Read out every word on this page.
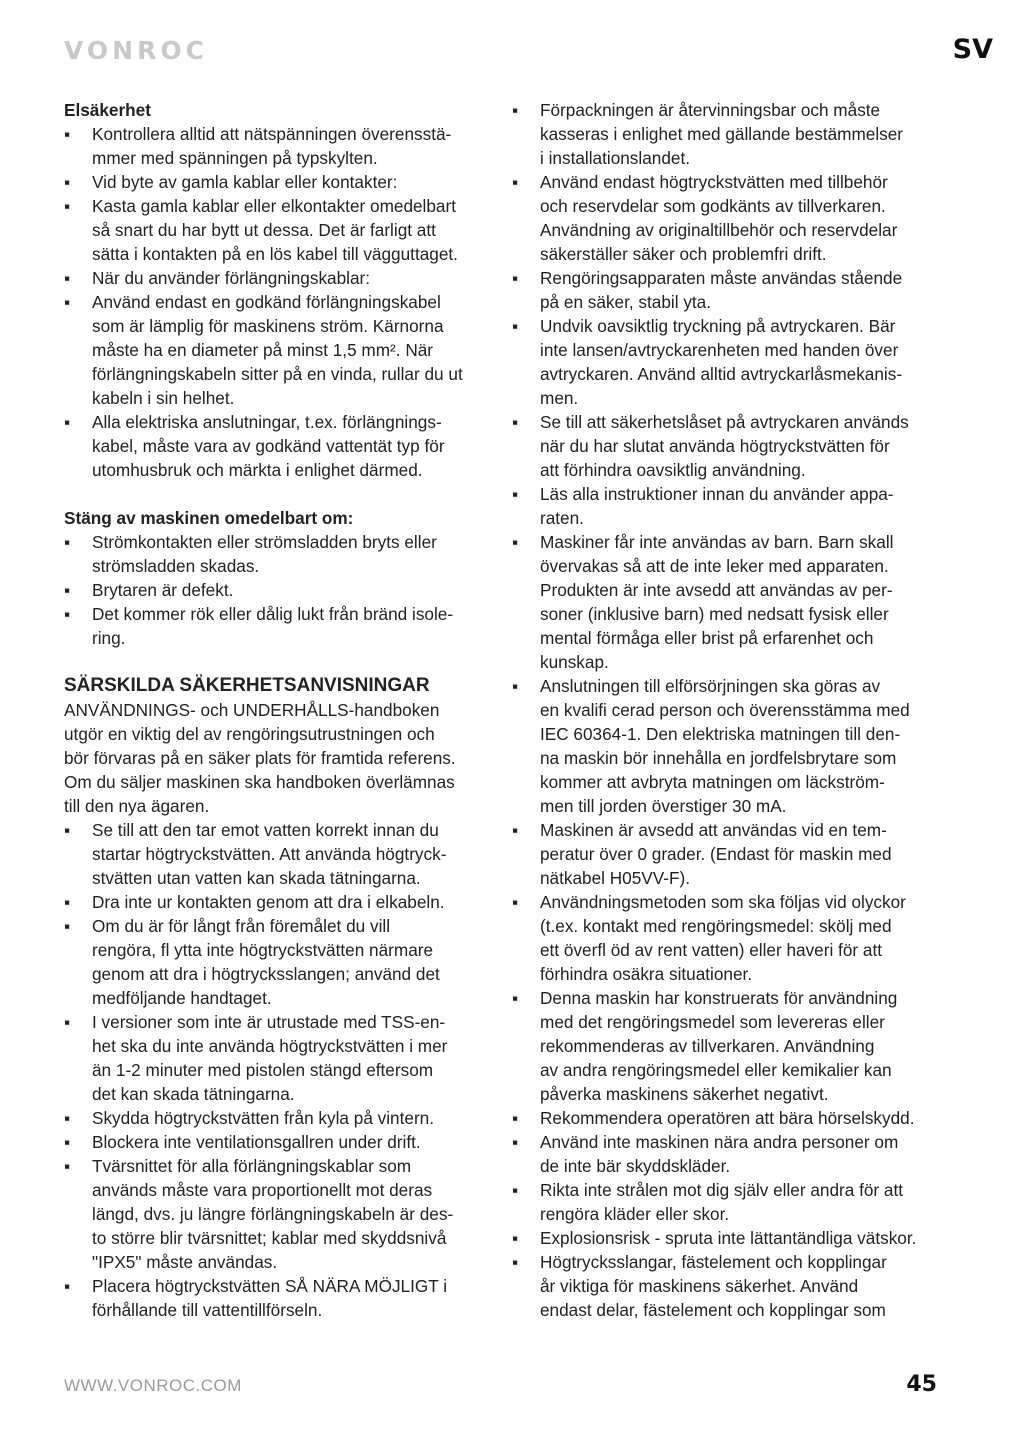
VONROC	SV
Elsäkerhet
▪ Kontrollera alltid att nätspänningen överensstä-
mmer med spänningen på typskylten.
▪ Vid byte av gamla kablar eller kontakter:
▪ Kasta gamla kablar eller elkontakter omedelbart
så snart du har bytt ut dessa. Det är farligt att
sätta i kontakten på en lös kabel till vägguttaget.
▪ När du använder förlängningskablar:
▪ Använd endast en godkänd förlängningskabel
som är lämplig för maskinens ström. Kärnorna
måste ha en diameter på minst 1,5 mm². När
förlängningskabeln sitter på en vinda, rullar du ut
kabeln i sin helhet.
▪ Alla elektriska anslutningar, t.ex. förlängnings-
kabel, måste vara av godkänd vattentät typ för
utomhusbruk och märkta i enlighet därmed.
Stäng av maskinen omedelbart om:
▪ Strömkontakten eller strömsladden bryts eller
strömsladden skadas.
▪ Brytaren är defekt.
▪ Det kommer rök eller dålig lukt från bränd isole-
ring.
SÄRSKILDA SÄKERHETSANVISNINGAR
ANVÄNDNINGS- och UNDERHÅLLS-handboken
utgör en viktig del av rengöringsutrustningen och
bör förvaras på en säker plats för framtida referens.
Om du säljer maskinen ska handboken överlämnas
till den nya ägaren.
▪ Se till att den tar emot vatten korrekt innan du
startar högtryckstvätten. Att använda högtryck-
stvätten utan vatten kan skada tätningarna.
▪ Dra inte ur kontakten genom att dra i elkabeln.
▪ Om du är för långt från föremålet du vill
rengöra, fl ytta inte högtryckstvätten närmare
genom att dra i högtrycksslangen; använd det
medföljande handtaget.
▪ I versioner som inte är utrustade med TSS-en-
het ska du inte använda högtryckstvätten i mer
än 1-2 minuter med pistolen stängd eftersom
det kan skada tätningarna.
▪ Skydda högtryckstvätten från kyla på vintern.
▪ Blockera inte ventilationsgallren under drift.
▪ Tvärsnittet för alla förlängningskablar som
används måste vara proportionellt mot deras
längd, dvs. ju längre förlängningskabeln är des-
to större blir tvärsnittet; kablar med skyddsnivå
"IPX5" måste användas.
▪ Placera högtryckstvätten SÅ NÄRA MÖJLIGT i
förhållande till vattentillförseln.
▪ Förpackningen är återvinningsbar och måste
kasseras i enlighet med gällande bestämmelser
i installationslandet.
▪ Använd endast högtryckstvätten med tillbehör
och reservdelar som godkänts av tillverkaren.
Användning av originaltillbehör och reservdelar
säkerställer säker och problemfri drift.
▪ Rengöringsapparaten måste användas stående
på en säker, stabil yta.
▪ Undvik oavsiktlig tryckning på avtryckaren. Bär
inte lansen/avtryckarenheten med handen över
avtryckaren. Använd alltid avtryckarlåsmekanis-
men.
▪ Se till att säkerhetslåset på avtryckaren används
när du har slutat använda högtryckstvätten för
att förhindra oavsiktlig användning.
▪ Läs alla instruktioner innan du använder appa-
raten.
▪ Maskiner får inte användas av barn. Barn skall
övervakas så att de inte leker med apparaten.
Produkten är inte avsedd att användas av per-
soner (inklusive barn) med nedsatt fysisk eller
mental förmåga eller brist på erfarenhet och
kunskap.
▪ Anslutningen till elförsörjningen ska göras av
en kvalifi cerad person och överensstämma med
IEC 60364-1. Den elektriska matningen till den-
na maskin bör innehålla en jordfelsbrytare som
kommer att avbryta matningen om läckström-
men till jorden överstiger 30 mA.
▪ Maskinen är avsedd att användas vid en tem-
peratur över 0 grader. (Endast för maskin med
nätkabel H05VV-F).
▪ Användningsmetoden som ska följas vid olyckor
(t.ex. kontakt med rengöringsmedel: skölj med
ett överfl öd av rent vatten) eller haveri för att
förhindra osäkra situationer.
▪ Denna maskin har konstruerats för användning
med det rengöringsmedel som levereras eller
rekommenderas av tillverkaren. Användning
av andra rengöringsmedel eller kemikalier kan
påverka maskinens säkerhet negativt.
▪ Rekommendera operatören att bära hörselskydd.
▪ Använd inte maskinen nära andra personer om
de inte bär skyddskläder.
▪ Rikta inte strålen mot dig själv eller andra för att
rengöra kläder eller skor.
▪ Explosionsrisk - spruta inte lättantändliga vätskor.
▪ Högtrycksslangar, fästelement och kopplingar
år viktiga för maskinens säkerhet. Använd
endast delar, fästelement och kopplingar som
WWW.VONROC.COM	45
